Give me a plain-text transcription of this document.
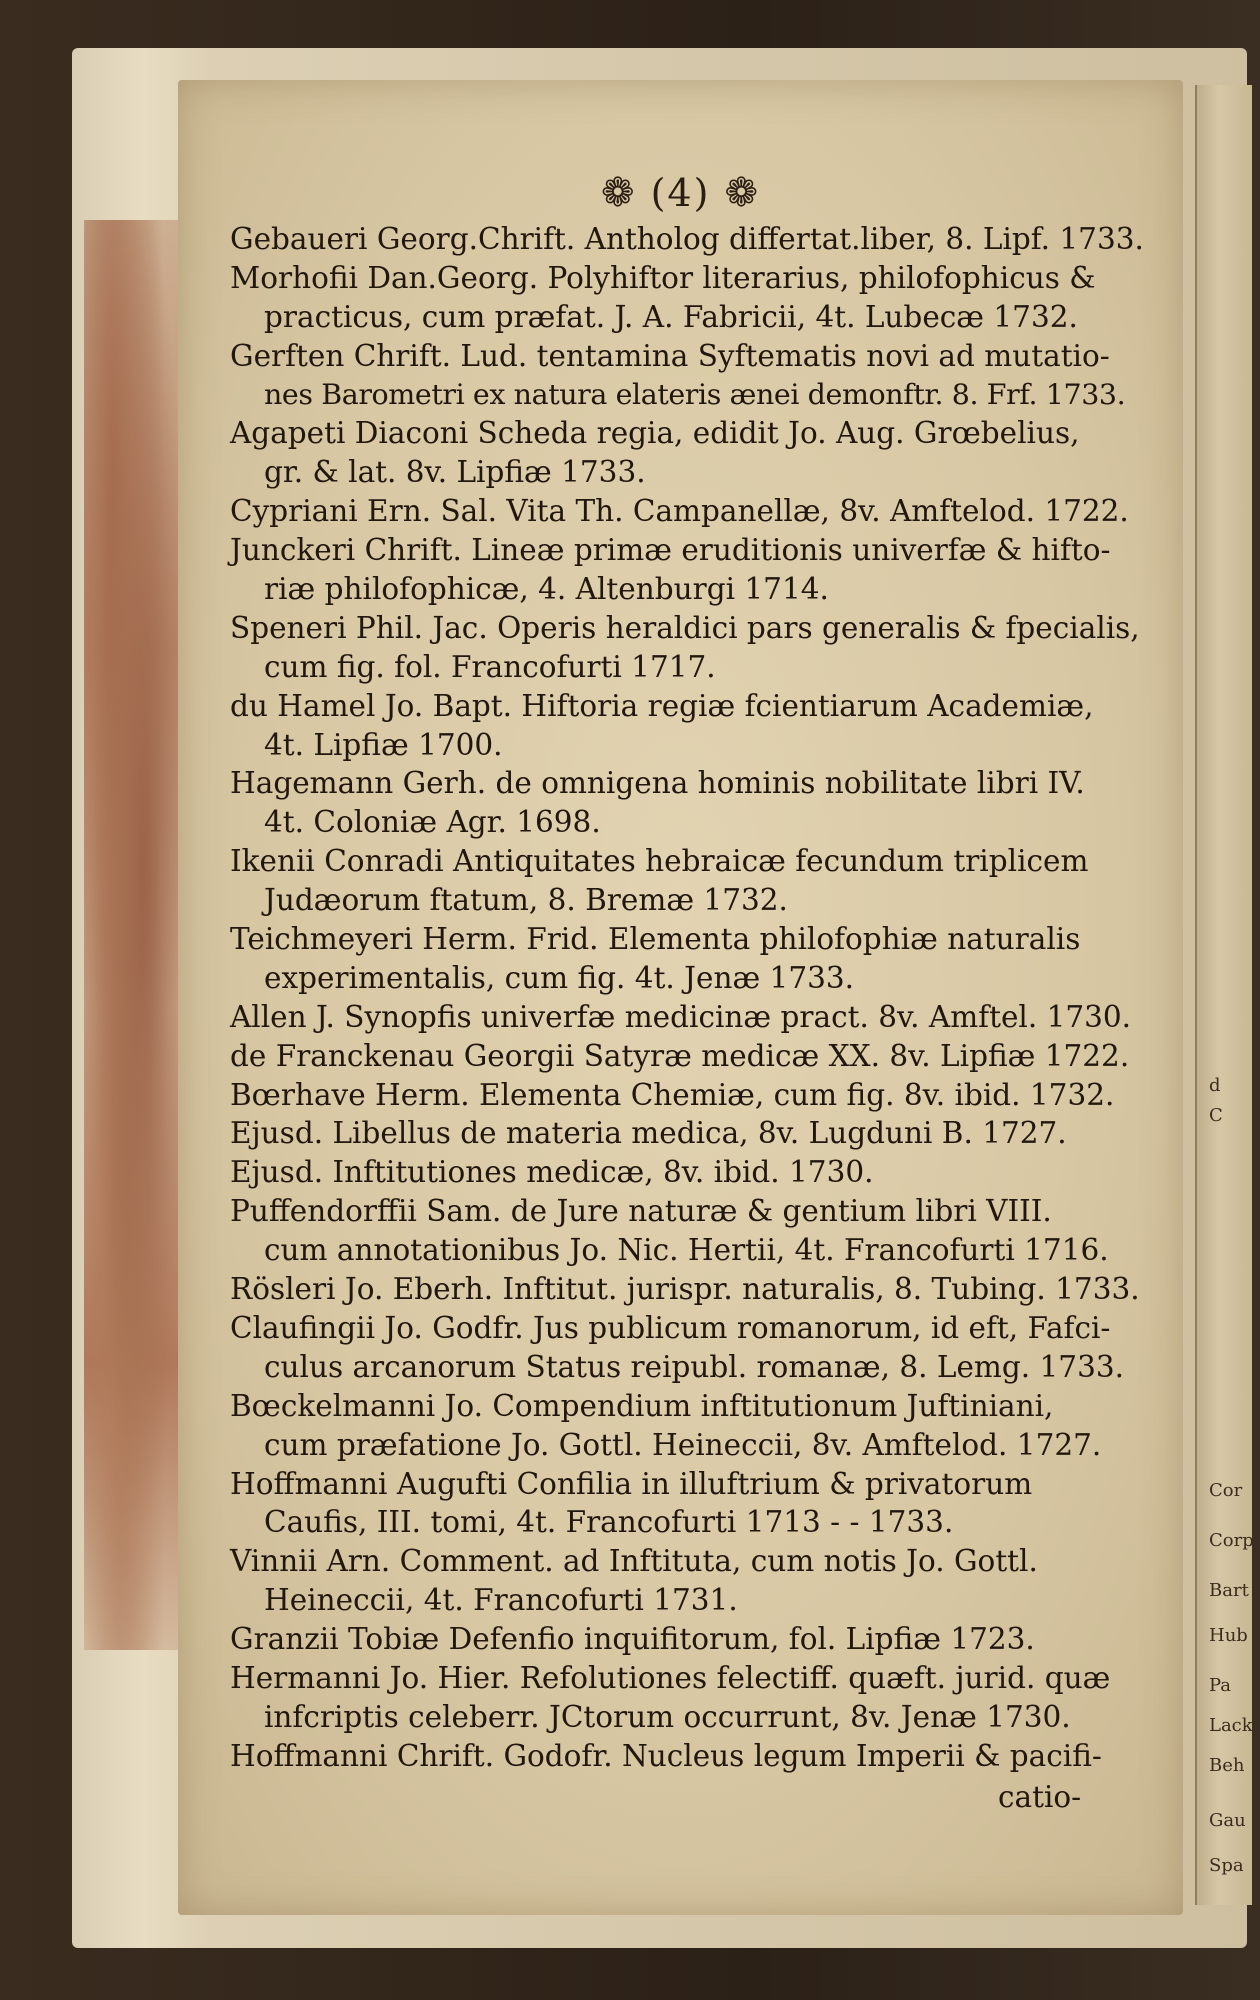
d
C
Cor
Corp
Bart
Hub
Pa
Lack
Beh
Gau
Spa
❁ (4) ❁
Gebaueri Georg.Chrift. Antholog differtat.liber, 8. Lipf. 1733.
Morhofii Dan.Georg. Polyhiftor literarius, philofophicus &
practicus, cum præfat. J. A. Fabricii, 4t. Lubecæ 1732.
Gerften Chrift. Lud. tentamina Syftematis novi ad mutatio-
nes Barometri ex natura elateris ænei demonftr. 8. Frf. 1733.
Agapeti Diaconi Scheda regia, edidit Jo. Aug. Grœbelius,
gr. & lat. 8v. Lipfiæ 1733.
Cypriani Ern. Sal. Vita Th. Campanellæ, 8v. Amftelod. 1722.
Junckeri Chrift. Lineæ primæ eruditionis univerfæ & hifto-
riæ philofophicæ, 4. Altenburgi 1714.
Speneri Phil. Jac. Operis heraldici pars generalis & fpecialis,
cum fig. fol. Francofurti 1717.
du Hamel Jo. Bapt. Hiftoria regiæ fcientiarum Academiæ,
4t. Lipfiæ 1700.
Hagemann Gerh. de omnigena hominis nobilitate libri IV.
4t. Coloniæ Agr. 1698.
Ikenii Conradi Antiquitates hebraicæ fecundum triplicem
Judæorum ftatum, 8. Bremæ 1732.
Teichmeyeri Herm. Frid. Elementa philofophiæ naturalis
experimentalis, cum fig. 4t. Jenæ 1733.
Allen J. Synopfis univerfæ medicinæ pract. 8v. Amftel. 1730.
de Franckenau Georgii Satyræ medicæ XX. 8v. Lipfiæ 1722.
Bœrhave Herm. Elementa Chemiæ, cum fig. 8v. ibid. 1732.
Ejusd. Libellus de materia medica, 8v. Lugduni B. 1727.
Ejusd. Inftitutiones medicæ, 8v. ibid. 1730.
Puffendorffii Sam. de Jure naturæ & gentium libri VIII.
cum annotationibus Jo. Nic. Hertii, 4t. Francofurti 1716.
Rösleri Jo. Eberh. Inftitut. jurispr. naturalis, 8. Tubing. 1733.
Claufingii Jo. Godfr. Jus publicum romanorum, id eft, Fafci-
culus arcanorum Status reipubl. romanæ, 8. Lemg. 1733.
Bœckelmanni Jo. Compendium inftitutionum Juftiniani,
cum præfatione Jo. Gottl. Heineccii, 8v. Amftelod. 1727.
Hoffmanni Augufti Confilia in illuftrium & privatorum
Caufis, III. tomi, 4t. Francofurti 1713 - - 1733.
Vinnii Arn. Comment. ad Inftituta, cum notis Jo. Gottl.
Heineccii, 4t. Francofurti 1731.
Granzii Tobiæ Defenfio inquifitorum, fol. Lipfiæ 1723.
Hermanni Jo. Hier. Refolutiones felectiff. quæft. jurid. quæ
infcriptis celeberr. JCtorum occurrunt, 8v. Jenæ 1730.
Hoffmanni Chrift. Godofr. Nucleus legum Imperii & pacifi-
catio-
